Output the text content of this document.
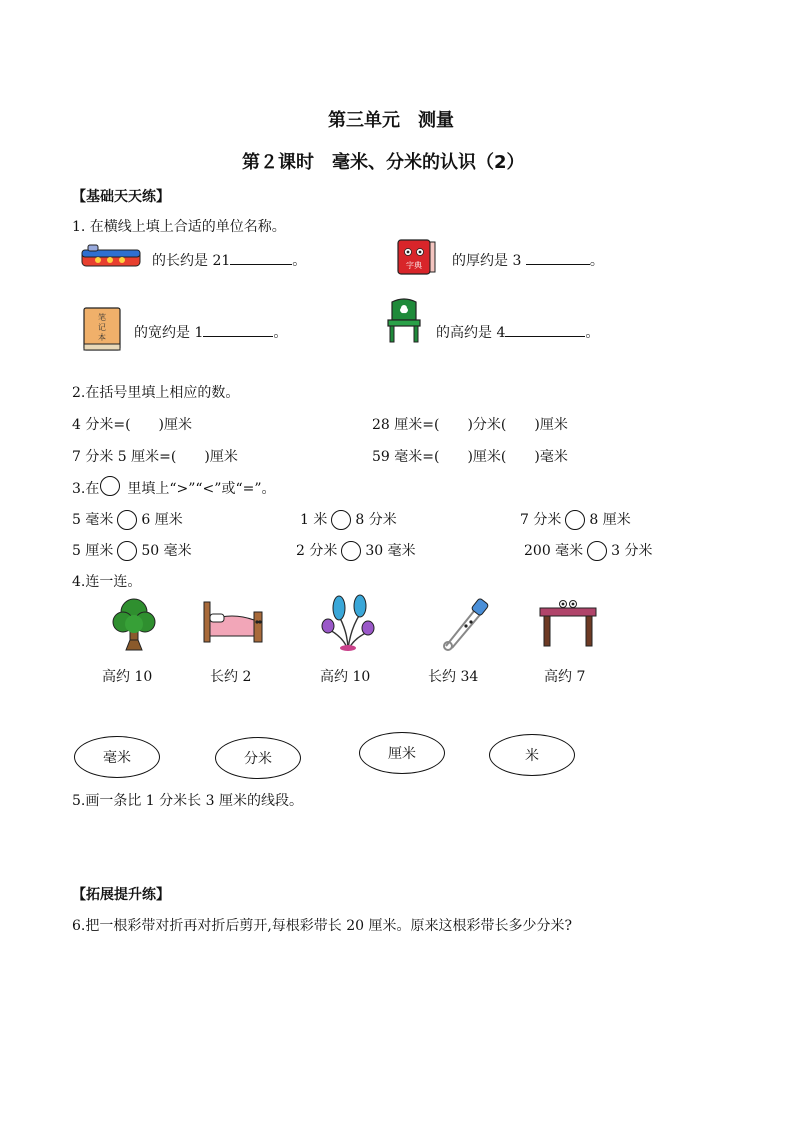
第三单元　测量
第２课时　毫米、分米的认识（2）
【基础天天练】
1. 在横线上填上合适的单位名称。
的长约是 21	。	字典 的厚约是 3	。
笔
记
本 的宽约是 1	。	的高约是 4	。
2.在括号里填上相应的数。
4 分米=(　　)厘米	28 厘米=(　　)分米(　　)厘米
7 分米 5 厘米=(　　)厘米	59 毫米=(　　)厘米(　　)毫米
3.在　　里填上“>”“<”或“=”。
5 毫米 6 厘米	1 米 8 分米	7 分米 8 厘米
5 厘米 50 毫米	2 分米 30 毫米	200 毫米 3 分米
4.连一连。
高约 10	长约 2	高约 10	长约 34	高约 7
毫米	分米	厘米	米
5.画一条比 1 分米长 3 厘米的线段。
【拓展提升练】
6.把一根彩带对折再对折后剪开,每根彩带长 20 厘米。原来这根彩带长多少分米?
